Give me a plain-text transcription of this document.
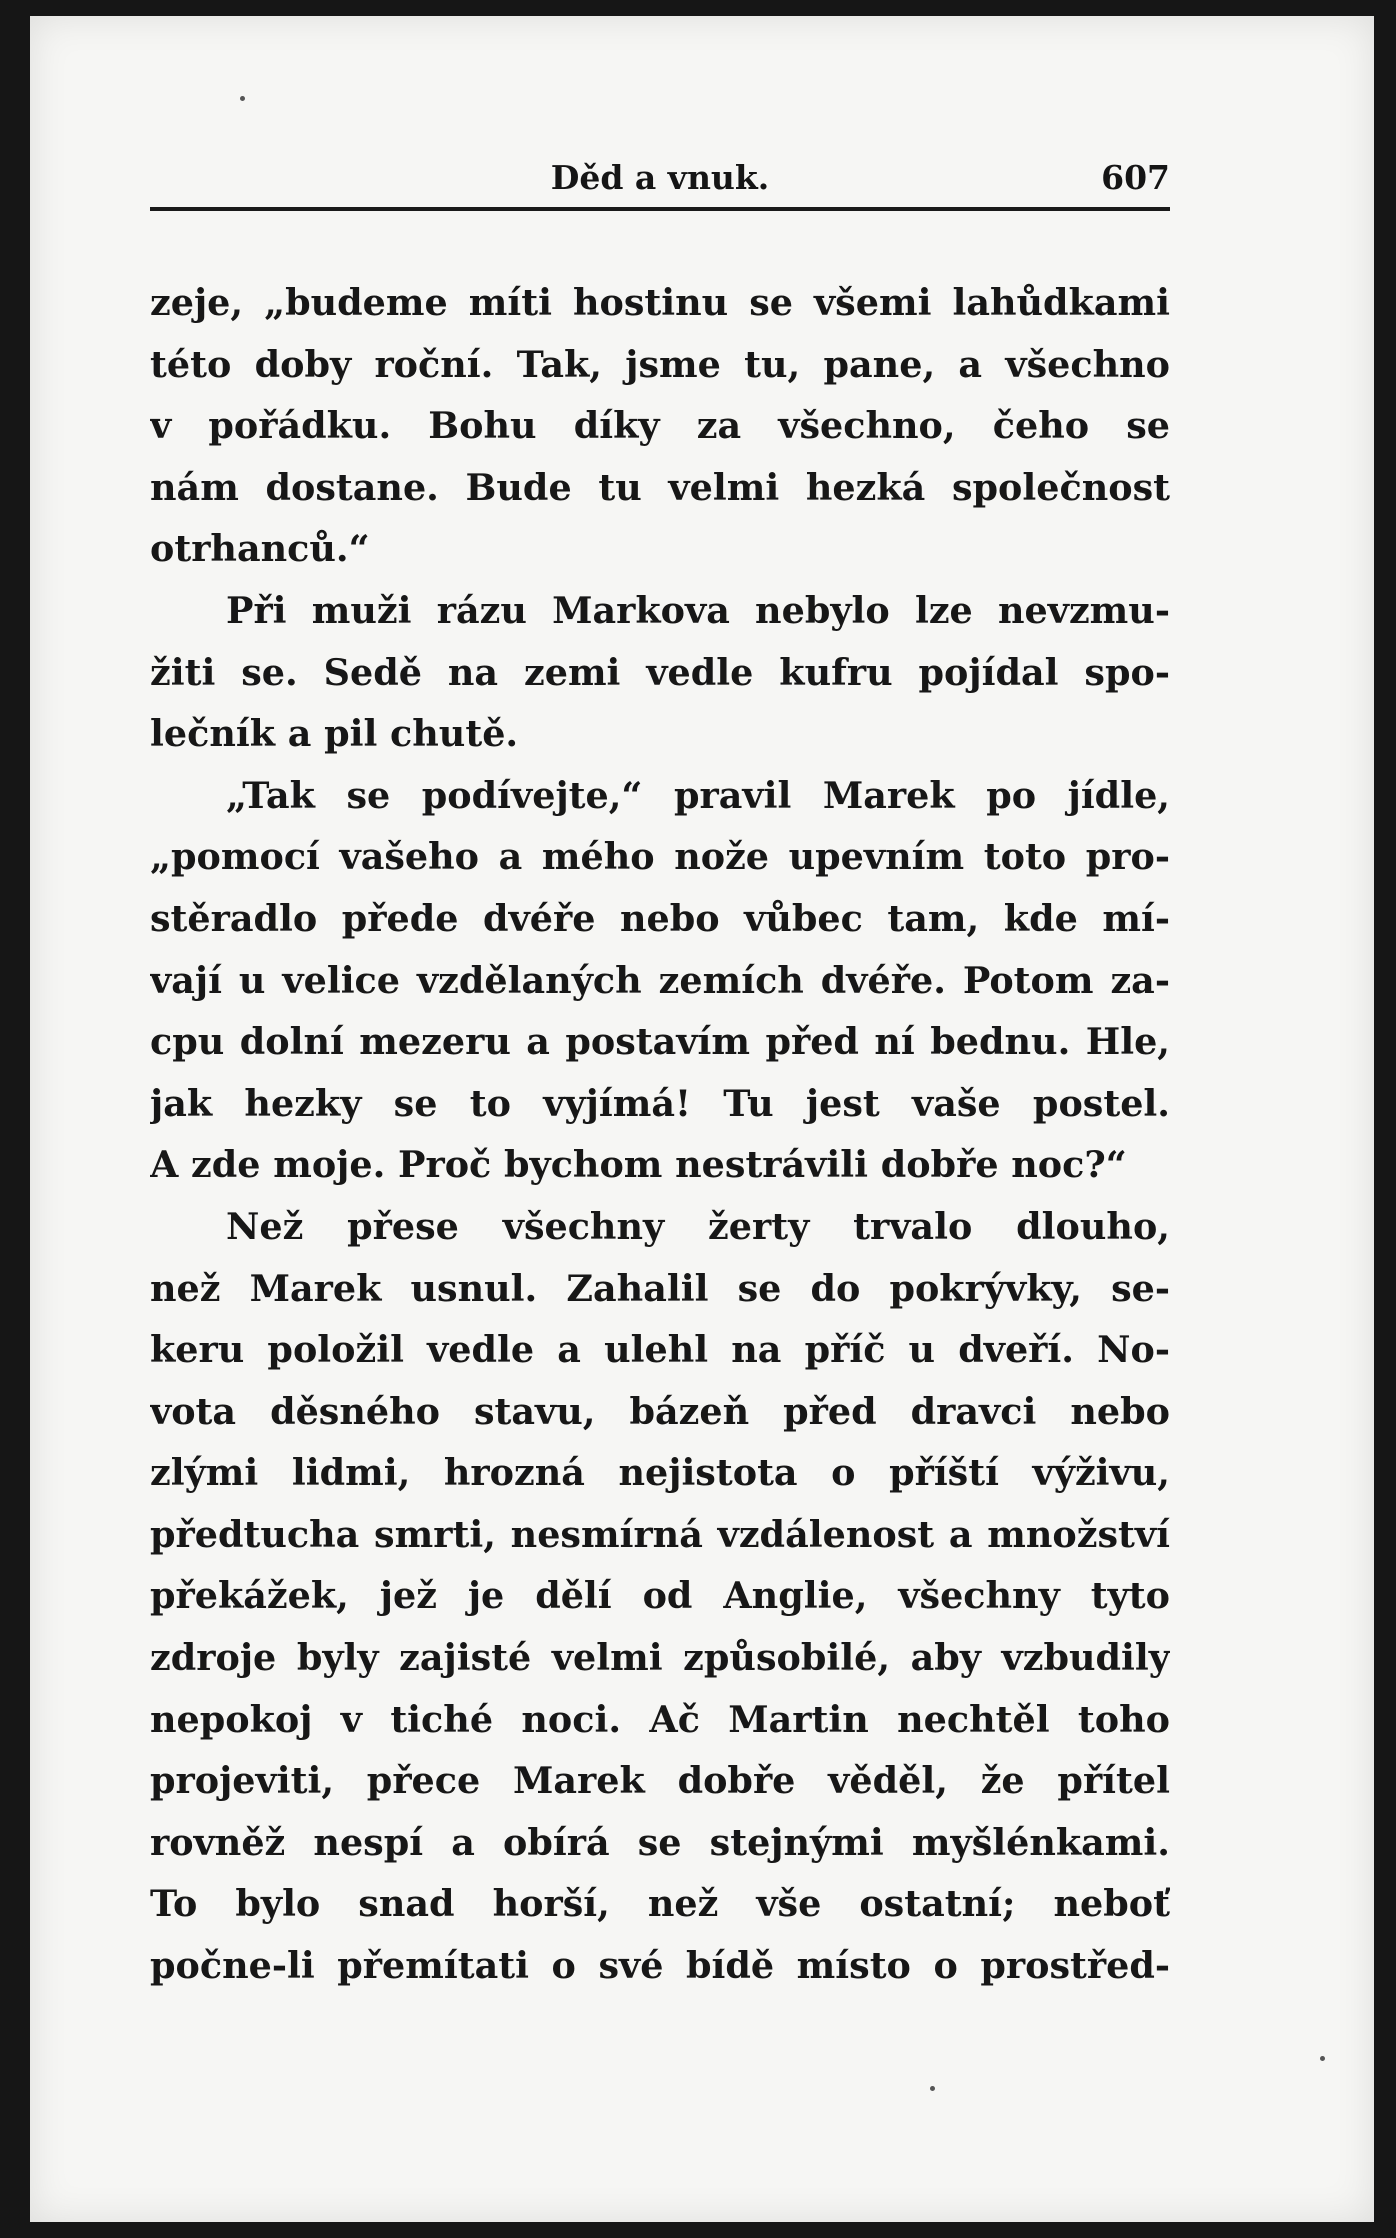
Děd a vnuk.	607
zeje, „budeme míti hostinu se všemi lahůdkami
této doby roční. Tak, jsme tu, pane, a všechno
v pořádku. Bohu díky za všechno, čeho se
nám dostane. Bude tu velmi hezká společnost
otrhanců.“
Při muži rázu Markova nebylo lze nevzmu-
žiti se. Sedě na zemi vedle kufru pojídal spo-
lečník a pil chutě.
„Tak se podívejte,“ pravil Marek po jídle,
„pomocí vašeho a mého nože upevním toto pro-
stěradlo přede dvéře nebo vůbec tam, kde mí-
vají u velice vzdělaných zemích dvéře. Potom za-
cpu dolní mezeru a postavím před ní bednu. Hle,
jak hezky se to vyjímá! Tu jest vaše postel.
A zde moje. Proč bychom nestrávili dobře noc?“
Než přese všechny žerty trvalo dlouho,
než Marek usnul. Zahalil se do pokrývky, se-
keru položil vedle a ulehl na příč u dveří. No-
vota děsného stavu, bázeň před dravci nebo
zlými lidmi, hrozná nejistota o příští výživu,
předtucha smrti, nesmírná vzdálenost a množství
překážek, jež je dělí od Anglie, všechny tyto
zdroje byly zajisté velmi způsobilé, aby vzbudily
nepokoj v tiché noci. Ač Martin nechtěl toho
projeviti, přece Marek dobře věděl, že přítel
rovněž nespí a obírá se stejnými myšlénkami.
To bylo snad horší, než vše ostatní; neboť
počne-li přemítati o své bídě místo o prostřed-
